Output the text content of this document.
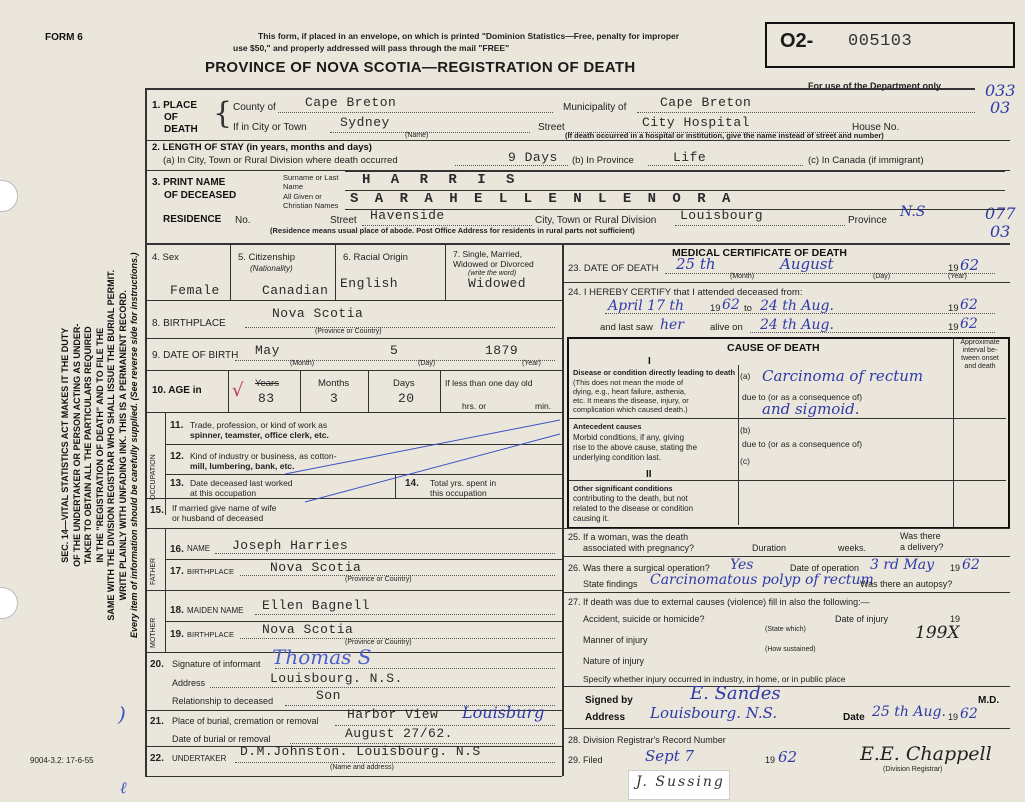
SEC. 14—VITAL STATISTICS ACT MAKES IT THE DUTY OF THE UNDERTAKER OR PERSON ACTING AS UNDER- TAKER TO OBTAIN ALL THE PARTICULARS REQUIRED IN THE "REGISTRATION OF DEATH" AND TO FILE THE SAME WITH THE DIVISION REGISTRAR WHO SHALL ISSUE THE BURIAL PERMIT. WRITE PLAINLY WITH UNFADING INK. THIS IS A PERMANENT RECORD. Every item of information should be carefully supplied. (See reverse side for instructions.)
FORM 6	This form, if placed in an envelope, on which is printed "Dominion Statistics—Free, penalty for improper
use $50," and properly addressed will pass through the mail "FREE"
PROVINCE OF NOVA SCOTIA—REGISTRATION OF DEATH
O2- 005103
For use of the Department only	033
03
077
03
1. PLACE
OF
DEATH { County of Cape Breton	Municipality of	Cape Breton
If in City or Town	Sydney
(Name)
Street	City Hospital	House No.
(If death occurred in a hospital or institution, give the name instead of street and number)
2. LENGTH OF STAY (in years, months and days)
(a) In City, Town or Rural Division where death occurred	9 Days (b) In Province	Life	(c) In Canada (if immigrant)
3. PRINT NAME
OF DECEASED
Surname or Last Name
All Given or Christian Names
H A R R I S
S A R A H E L L E N L E N O R A
RESIDENCE No.	Street Havenside	City, Town or Rural Division Louisbourg	Province
N.S
(Residence means usual place of abode. Post Office Address for residents in rural parts not sufficient)
4. Sex
Female
5. Citizenship
(Nationality)
Canadian
6. Racial Origin
English
7. Single, Married, Widowed or Divorced
(write the word)
Widowed
8. BIRTHPLACE
Nova Scotia
(Province or Country)
9. DATE OF BIRTH May	5	1879
(Month)	(Day)	(Year)
10. AGE in
Years	Months	Days
83	3	20
If less than one day old
hrs. or	min.
OCCUPATION
11. Trade, profession, or kind of work as
spinner, teamster, office clerk, etc.
12. Kind of industry or business, as cotton-
mill, lumbering, bank, etc.
13. Date deceased last worked
at this occupation
14. Total yrs. spent in
this occupation
15. If married give name of wife
or husband of deceased
FATHER
16. NAME Joseph Harries
17. BIRTHPLACE	Nova Scotia
(Province or Country)
MOTHER
18. MAIDEN NAME Ellen Bagnell
19. BIRTHPLACE Nova Scotia
(Province or Country)
20. Signature of informant Thomas S
Address	Louisbourg. N.S.
Relationship to deceased	Son
21. Place of burial, cremation or removal Harbor View Louisburg
Date of burial or removal	August 27/62.
22. UNDERTAKER D.M.Johnston. Louisbourg. N.S
(Name and address)
)
√
MEDICAL CERTIFICATE OF DEATH
23. DATE OF DEATH 25 th	August	19 62
(Month)	(Day)	(Year)
24. I HEREBY CERTIFY that I attended deceased from:
April 17 th	19 62 to 24 th Aug.	19 62
and last saw her	alive on 24 th Aug.	19 62
CAUSE OF DEATH	Approximate interval be-tween onset and death
I
Disease or condition directly leading to death
(This does not mean the mode of
dying, e.g., heart failure, asthenia,
etc. It means the disease, injury, or
complication which caused death.)
(a) Carcinoma of rectum
due to (or as a consequence of)
and sigmoid.
Antecedent causes
Morbid conditions, if any, giving
rise to the above cause, stating the
underlying condition last.
(b)
due to (or as a consequence of)
(c)
II
Other significant conditions
contributing to the death, but not
related to the disease or condition
causing it.
25. If a woman, was the death
associated with pregnancy?	Duration	weeks.
Was there a delivery?
26. Was there a surgical operation? Yes	Date of operation 3 rd May 19 62
State findings Carcinomatous polyp of rectum
Was there an autopsy?
27. If death was due to external causes (violence) fill in also the following:—
Accident, suicide or homicide?
(State which)
Date of injury	19
Manner of injury	199X
(How sustained)
Nature of injury
Specify whether injury occurred in industry, in home, or in public place
Signed by	E. Sandes	M.D.
Address Louisbourg. N.S.	Date 25 th Aug. 19 62
28. Division Registrar's Record Number
29. Filed	Sept 7	19 62	E.E. Chappell
(Division Registrar)
9004-3.2: 17-6-55
J. Sussing
ℓ
